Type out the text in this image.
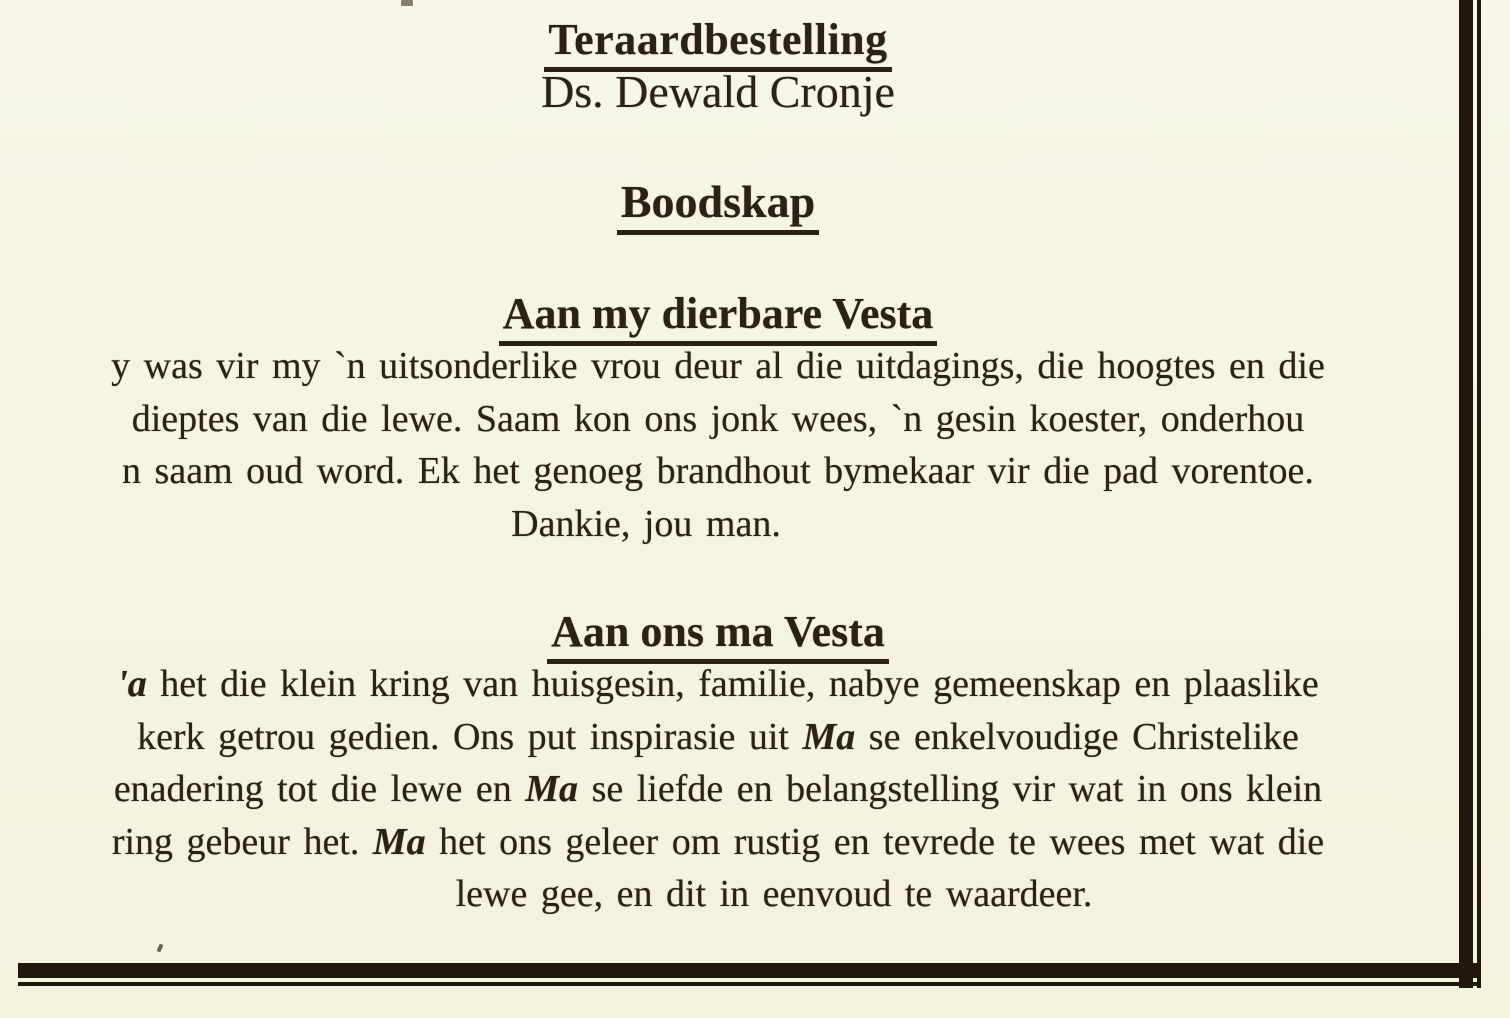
Teraardbestelling
Ds. Dewald Cronje
Boodskap
Aan my dierbare Vesta
y was vir my `n uitsonderlike vrou deur al die uitdagings, die hoogtes en die
dieptes van die lewe. Saam kon ons jonk wees, `n gesin koester, onderhou
n saam oud word. Ek het genoeg brandhout bymekaar vir die pad vorentoe.
Dankie, jou man.
Aan ons ma Vesta
'a het die klein kring van huisgesin, familie, nabye gemeenskap en plaaslike
kerk getrou gedien. Ons put inspirasie uit Ma se enkelvoudige Christelike
enadering tot die lewe en Ma se liefde en belangstelling vir wat in ons klein
ring gebeur het. Ma het ons geleer om rustig en tevrede te wees met wat die
lewe gee, en dit in eenvoud te waardeer.
